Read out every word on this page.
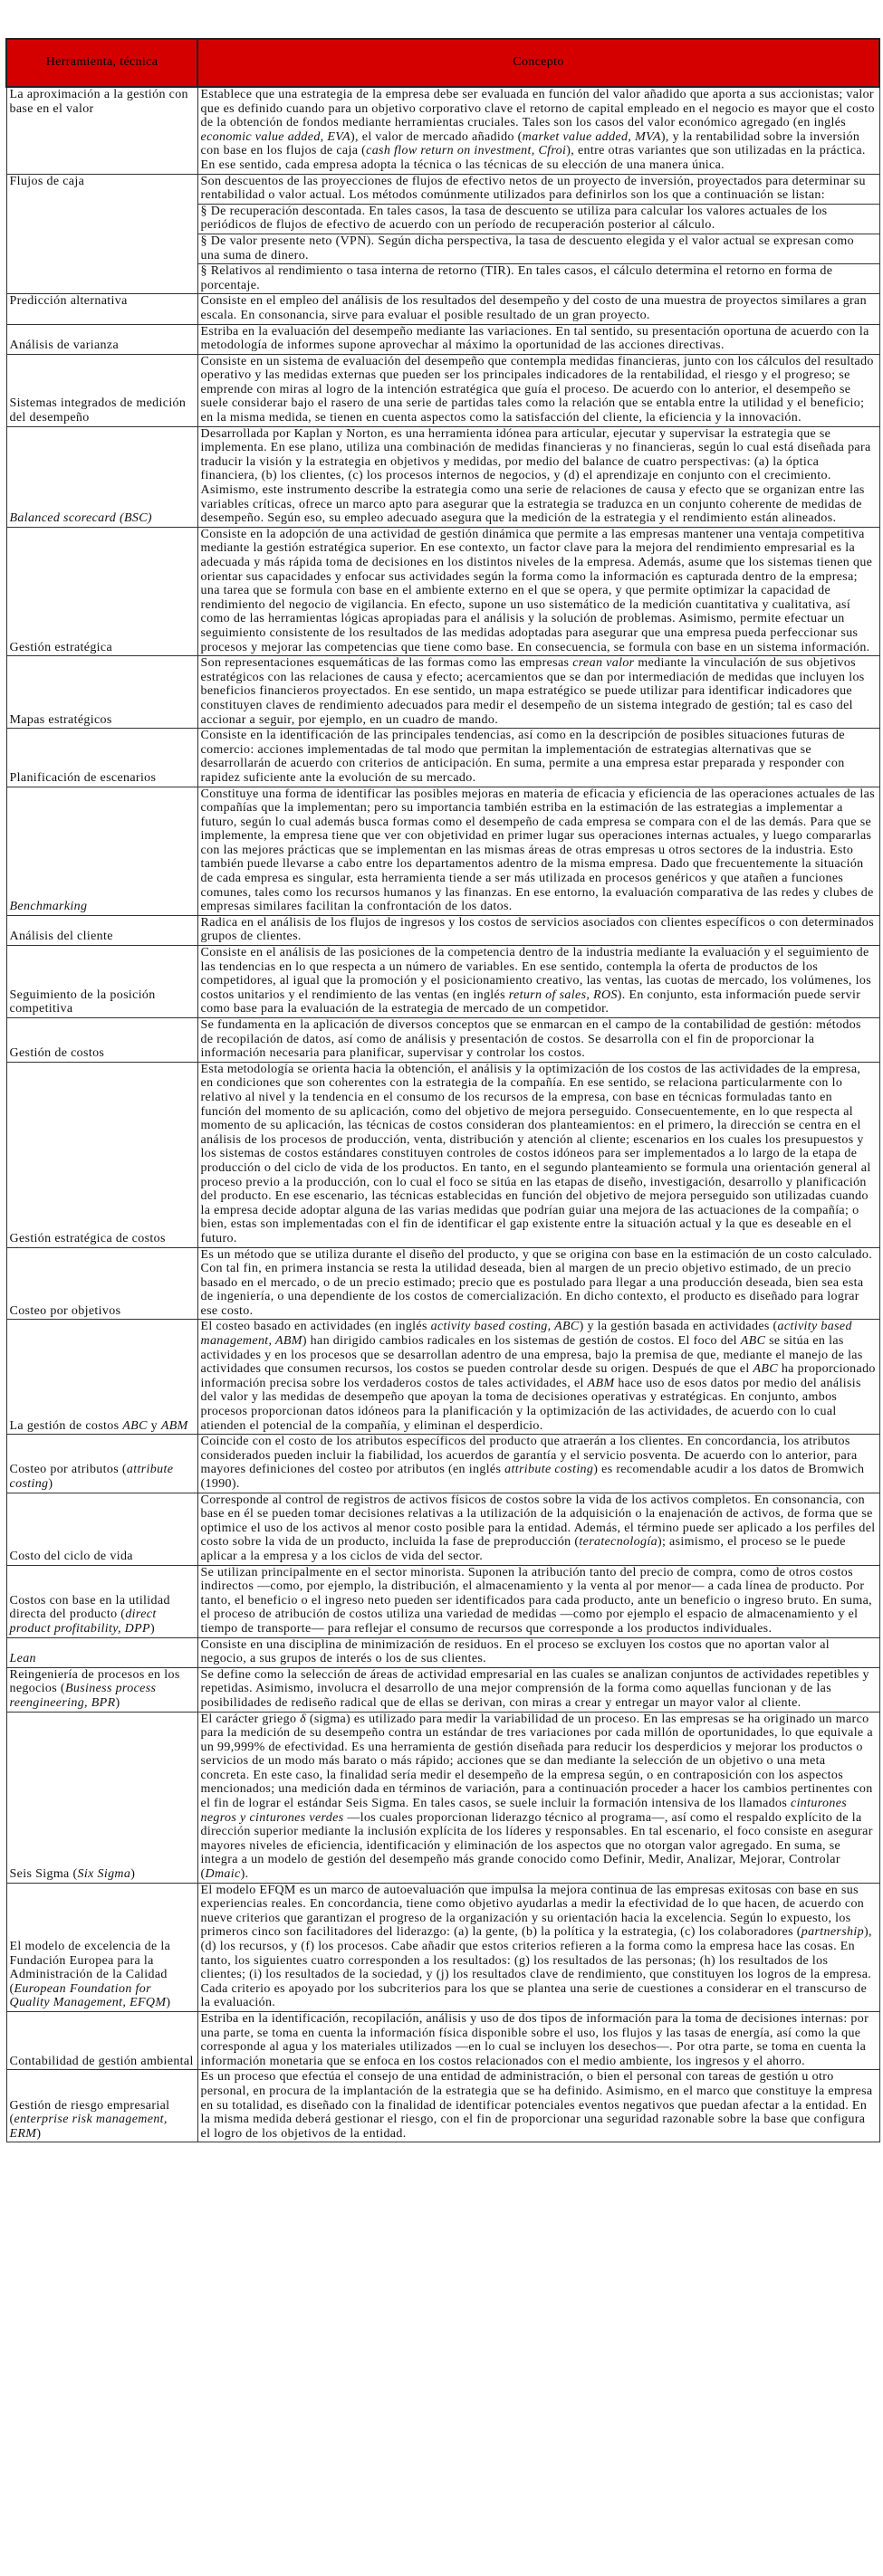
Herramienta, técnica	Concepto
La aproximación a la gestión con base en el valor	Establece que una estrategia de la empresa debe ser evaluada en función del valor añadido que aporta a sus accionistas; valor que es definido cuando para un objetivo corporativo clave el retorno de capital empleado en el negocio es mayor que el costo de la obtención de fondos mediante herramientas cruciales. Tales son los casos del valor económico agregado (en inglés economic value added, EVA), el valor de mercado añadido (market value added, MVA), y la rentabilidad sobre la inversión con base en los flujos de caja (cash flow return on investment, Cfroi), entre otras variantes que son utilizadas en la práctica. En ese sentido, cada empresa adopta la técnica o las técnicas de su elección de una manera única.
Flujos de caja	Son descuentos de las proyecciones de flujos de efectivo netos de un proyecto de inversión, proyectados para determinar su rentabilidad o valor actual. Los métodos comúnmente utilizados para definirlos son los que a continuación se listan:
	§ De recuperación descontada. En tales casos, la tasa de descuento se utiliza para calcular los valores actuales de los periódicos de flujos de efectivo de acuerdo con un período de recuperación posterior al cálculo.
	§ De valor presente neto (VPN). Según dicha perspectiva, la tasa de descuento elegida y el valor actual se expresan como una suma de dinero.
	§ Relativos al rendimiento o tasa interna de retorno (TIR). En tales casos, el cálculo determina el retorno en forma de porcentaje.
Predicción alternativa	Consiste en el empleo del análisis de los resultados del desempeño y del costo de una muestra de proyectos similares a gran escala. En consonancia, sirve para evaluar el posible resultado de un gran proyecto.
Análisis de varianza	Estriba en la evaluación del desempeño mediante las variaciones. En tal sentido, su presentación oportuna de acuerdo con la metodología de informes supone aprovechar al máximo la oportunidad de las acciones directivas.
Sistemas integrados de medición del desempeño	Consiste en un sistema de evaluación del desempeño que contempla medidas financieras, junto con los cálculos del resultado operativo y las medidas externas que pueden ser los principales indicadores de la rentabilidad, el riesgo y el progreso; se emprende con miras al logro de la intención estratégica que guía el proceso. De acuerdo con lo anterior, el desempeño se suele considerar bajo el rasero de una serie de partidas tales como la relación que se entabla entre la utilidad y el beneficio; en la misma medida, se tienen en cuenta aspectos como la satisfacción del cliente, la eficiencia y la innovación.
Balanced scorecard (BSC)	Desarrollada por Kaplan y Norton, es una herramienta idónea para articular, ejecutar y supervisar la estrategia que se implementa. En ese plano, utiliza una combinación de medidas financieras y no financieras, según lo cual está diseñada para traducir la visión y la estrategia en objetivos y medidas, por medio del balance de cuatro perspectivas: (a) la óptica financiera, (b) los clientes, (c) los procesos internos de negocios, y (d) el aprendizaje en conjunto con el crecimiento. Asimismo, este instrumento describe la estrategia como una serie de relaciones de causa y efecto que se organizan entre las variables críticas, ofrece un marco apto para asegurar que la estrategia se traduzca en un conjunto coherente de medidas de desempeño. Según eso, su empleo adecuado asegura que la medición de la estrategia y el rendimiento están alineados.
Gestión estratégica	Consiste en la adopción de una actividad de gestión dinámica que permite a las empresas mantener una ventaja competitiva mediante la gestión estratégica superior. En ese contexto, un factor clave para la mejora del rendimiento empresarial es la adecuada y más rápida toma de decisiones en los distintos niveles de la empresa. Además, asume que los sistemas tienen que orientar sus capacidades y enfocar sus actividades según la forma como la información es capturada dentro de la empresa; una tarea que se formula con base en el ambiente externo en el que se opera, y que permite optimizar la capacidad de rendimiento del negocio de vigilancia. En efecto, supone un uso sistemático de la medición cuantitativa y cualitativa, así como de las herramientas lógicas apropiadas para el análisis y la solución de problemas. Asimismo, permite efectuar un seguimiento consistente de los resultados de las medidas adoptadas para asegurar que una empresa pueda perfeccionar sus procesos y mejorar las competencias que tiene como base. En consecuencia, se formula con base en un sistema información.
Mapas estratégicos	Son representaciones esquemáticas de las formas como las empresas crean valor mediante la vinculación de sus objetivos estratégicos con las relaciones de causa y efecto; acercamientos que se dan por intermediación de medidas que incluyen los beneficios financieros proyectados. En ese sentido, un mapa estratégico se puede utilizar para identificar indicadores que constituyen claves de rendimiento adecuados para medir el desempeño de un sistema integrado de gestión; tal es caso del accionar a seguir, por ejemplo, en un cuadro de mando.
Planificación de escenarios	Consiste en la identificación de las principales tendencias, así como en la descripción de posibles situaciones futuras de comercio: acciones implementadas de tal modo que permitan la implementación de estrategias alternativas que se desarrollarán de acuerdo con criterios de anticipación. En suma, permite a una empresa estar preparada y responder con rapidez suficiente ante la evolución de su mercado.
Benchmarking	Constituye una forma de identificar las posibles mejoras en materia de eficacia y eficiencia de las operaciones actuales de las compañías que la implementan; pero su importancia también estriba en la estimación de las estrategias a implementar a futuro, según lo cual además busca formas como el desempeño de cada empresa se compara con el de las demás. Para que se implemente, la empresa tiene que ver con objetividad en primer lugar sus operaciones internas actuales, y luego compararlas con las mejores prácticas que se implementan en las mismas áreas de otras empresas u otros sectores de la industria. Esto también puede llevarse a cabo entre los departamentos adentro de la misma empresa. Dado que frecuentemente la situación de cada empresa es singular, esta herramienta tiende a ser más utilizada en procesos genéricos y que atañen a funciones comunes, tales como los recursos humanos y las finanzas. En ese entorno, la evaluación comparativa de las redes y clubes de empresas similares facilitan la confrontación de los datos.
Análisis del cliente	Radica en el análisis de los flujos de ingresos y los costos de servicios asociados con clientes específicos o con determinados grupos de clientes.
Seguimiento de la posición competitiva	Consiste en el análisis de las posiciones de la competencia dentro de la industria mediante la evaluación y el seguimiento de las tendencias en lo que respecta a un número de variables. En ese sentido, contempla la oferta de productos de los competidores, al igual que la promoción y el posicionamiento creativo, las ventas, las cuotas de mercado, los volúmenes, los costos unitarios y el rendimiento de las ventas (en inglés return of sales, ROS). En conjunto, esta información puede servir como base para la evaluación de la estrategia de mercado de un competidor.
Gestión de costos	Se fundamenta en la aplicación de diversos conceptos que se enmarcan en el campo de la contabilidad de gestión: métodos de recopilación de datos, así como de análisis y presentación de costos. Se desarrolla con el fin de proporcionar la información necesaria para planificar, supervisar y controlar los costos.
Gestión estratégica de costos	Esta metodología se orienta hacia la obtención, el análisis y la optimización de los costos de las actividades de la empresa, en condiciones que son coherentes con la estrategia de la compañía. En ese sentido, se relaciona particularmente con lo relativo al nivel y la tendencia en el consumo de los recursos de la empresa, con base en técnicas formuladas tanto en función del momento de su aplicación, como del objetivo de mejora perseguido. Consecuentemente, en lo que respecta al momento de su aplicación, las técnicas de costos consideran dos planteamientos: en el primero, la dirección se centra en el análisis de los procesos de producción, venta, distribución y atención al cliente; escenarios en los cuales los presupuestos y los sistemas de costos estándares constituyen controles de costos idóneos para ser implementados a lo largo de la etapa de producción o del ciclo de vida de los productos. En tanto, en el segundo planteamiento se formula una orientación general al proceso previo a la producción, con lo cual el foco se sitúa en las etapas de diseño, investigación, desarrollo y planificación del producto. En ese escenario, las técnicas establecidas en función del objetivo de mejora perseguido son utilizadas cuando la empresa decide adoptar alguna de las varias medidas que podrían guiar una mejora de las actuaciones de la compañía; o bien, estas son implementadas con el fin de identificar el gap existente entre la situación actual y la que es deseable en el futuro.
Costeo por objetivos	Es un método que se utiliza durante el diseño del producto, y que se origina con base en la estimación de un costo calculado. Con tal fin, en primera instancia se resta la utilidad deseada, bien al margen de un precio objetivo estimado, de un precio basado en el mercado, o de un precio estimado; precio que es postulado para llegar a una producción deseada, bien sea esta de ingeniería, o una dependiente de los costos de comercialización. En dicho contexto, el producto es diseñado para lograr ese costo.
La gestión de costos ABC y ABM	El costeo basado en actividades (en inglés activity based costing, ABC) y la gestión basada en actividades (activity based management, ABM) han dirigido cambios radicales en los sistemas de gestión de costos. El foco del ABC se sitúa en las actividades y en los procesos que se desarrollan adentro de una empresa, bajo la premisa de que, mediante el manejo de las actividades que consumen recursos, los costos se pueden controlar desde su origen. Después de que el ABC ha proporcionado información precisa sobre los verdaderos costos de tales actividades, el ABM hace uso de esos datos por medio del análisis del valor y las medidas de desempeño que apoyan la toma de decisiones operativas y estratégicas. En conjunto, ambos procesos proporcionan datos idóneos para la planificación y la optimización de las actividades, de acuerdo con lo cual atienden el potencial de la compañía, y eliminan el desperdicio.
Costeo por atributos (attribute costing)	Coincide con el costo de los atributos específicos del producto que atraerán a los clientes. En concordancia, los atributos considerados pueden incluir la fiabilidad, los acuerdos de garantía y el servicio posventa. De acuerdo con lo anterior, para mayores definiciones del costeo por atributos (en inglés attribute costing) es recomendable acudir a los datos de Bromwich (1990).
Costo del ciclo de vida	Corresponde al control de registros de activos físicos de costos sobre la vida de los activos completos. En consonancia, con base en él se pueden tomar decisiones relativas a la utilización de la adquisición o la enajenación de activos, de forma que se optimice el uso de los activos al menor costo posible para la entidad. Además, el término puede ser aplicado a los perfiles del costo sobre la vida de un producto, incluida la fase de preproducción (teratecnología); asimismo, el proceso se le puede aplicar a la empresa y a los ciclos de vida del sector.
Costos con base en la utilidad directa del producto (direct product profitability, DPP)	Se utilizan principalmente en el sector minorista. Suponen la atribución tanto del precio de compra, como de otros costos indirectos —como, por ejemplo, la distribución, el almacenamiento y la venta al por menor— a cada línea de producto. Por tanto, el beneficio o el ingreso neto pueden ser identificados para cada producto, ante un beneficio o ingreso bruto. En suma, el proceso de atribución de costos utiliza una variedad de medidas —como por ejemplo el espacio de almacenamiento y el tiempo de transporte— para reflejar el consumo de recursos que corresponde a los productos individuales.
Lean	Consiste en una disciplina de minimización de residuos. En el proceso se excluyen los costos que no aportan valor al negocio, a sus grupos de interés o los de sus clientes.
Reingeniería de procesos en los negocios (Business process reengineering, BPR)	Se define como la selección de áreas de actividad empresarial en las cuales se analizan conjuntos de actividades repetibles y repetidas. Asimismo, involucra el desarrollo de una mejor comprensión de la forma como aquellas funcionan y de las posibilidades de rediseño radical que de ellas se derivan, con miras a crear y entregar un mayor valor al cliente.
Seis Sigma (Six Sigma)	El carácter griego δ (sigma) es utilizado para medir la variabilidad de un proceso. En las empresas se ha originado un marco para la medición de su desempeño contra un estándar de tres variaciones por cada millón de oportunidades, lo que equivale a un 99,999% de efectividad. Es una herramienta de gestión diseñada para reducir los desperdicios y mejorar los productos o servicios de un modo más barato o más rápido; acciones que se dan mediante la selección de un objetivo o una meta concreta. En este caso, la finalidad sería medir el desempeño de la empresa según, o en contraposición con los aspectos mencionados; una medición dada en términos de variación, para a continuación proceder a hacer los cambios pertinentes con el fin de lograr el estándar Seis Sigma. En tales casos, se suele incluir la formación intensiva de los llamados cinturones negros y cinturones verdes —los cuales proporcionan liderazgo técnico al programa—, así como el respaldo explícito de la dirección superior mediante la inclusión explícita de los líderes y responsables. En tal escenario, el foco consiste en asegurar mayores niveles de eficiencia, identificación y eliminación de los aspectos que no otorgan valor agregado. En suma, se integra a un modelo de gestión del desempeño más grande conocido como Definir, Medir, Analizar, Mejorar, Controlar (Dmaic).
El modelo de excelencia de la Fundación Europea para la Administración de la Calidad (European Foundation for Quality Management, EFQM)	El modelo EFQM es un marco de autoevaluación que impulsa la mejora continua de las empresas exitosas con base en sus experiencias reales. En concordancia, tiene como objetivo ayudarlas a medir la efectividad de lo que hacen, de acuerdo con nueve criterios que garantizan el progreso de la organización y su orientación hacia la excelencia. Según lo expuesto, los primeros cinco son facilitadores del liderazgo: (a) la gente, (b) la política y la estrategia, (c) los colaboradores (partnership), (d) los recursos, y (f) los procesos. Cabe añadir que estos criterios refieren a la forma como la empresa hace las cosas. En tanto, los siguientes cuatro corresponden a los resultados: (g) los resultados de las personas; (h) los resultados de los clientes; (i) los resultados de la sociedad, y (j) los resultados clave de rendimiento, que constituyen los logros de la empresa. Cada criterio es apoyado por los subcriterios para los que se plantea una serie de cuestiones a considerar en el transcurso de la evaluación.
Contabilidad de gestión ambiental	Estriba en la identificación, recopilación, análisis y uso de dos tipos de información para la toma de decisiones internas: por una parte, se toma en cuenta la información física disponible sobre el uso, los flujos y las tasas de energía, así como la que corresponde al agua y los materiales utilizados —en lo cual se incluyen los desechos—. Por otra parte, se toma en cuenta la información monetaria que se enfoca en los costos relacionados con el medio ambiente, los ingresos y el ahorro.
Gestión de riesgo empresarial (enterprise risk management, ERM)	Es un proceso que efectúa el consejo de una entidad de administración, o bien el personal con tareas de gestión u otro personal, en procura de la implantación de la estrategia que se ha definido. Asimismo, en el marco que constituye la empresa en su totalidad, es diseñado con la finalidad de identificar potenciales eventos negativos que puedan afectar a la entidad. En la misma medida deberá gestionar el riesgo, con el fin de proporcionar una seguridad razonable sobre la base que configura el logro de los objetivos de la entidad.
